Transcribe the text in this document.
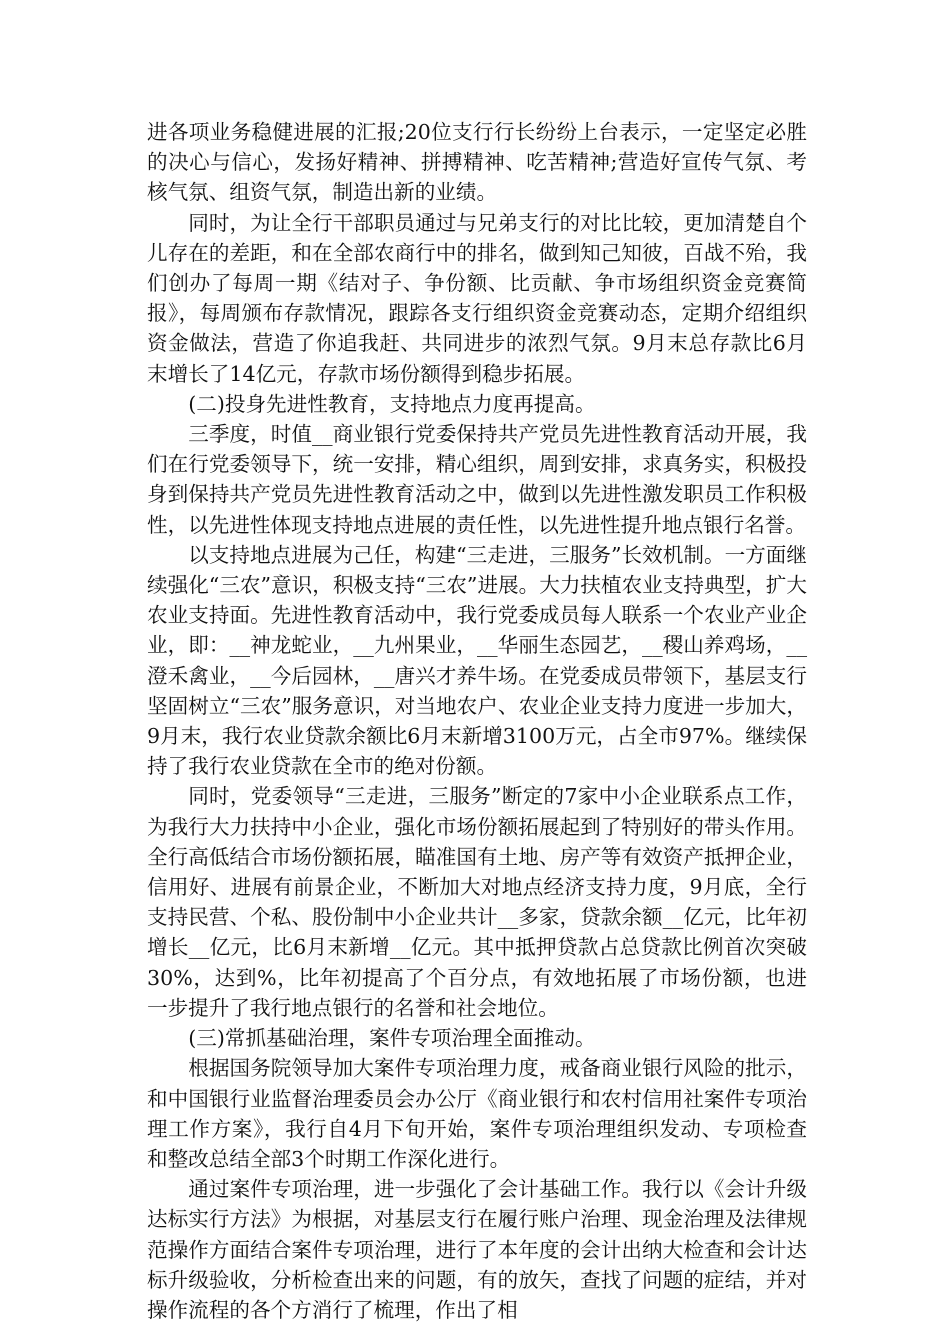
进各项业务稳健进展的汇报;20位支行行长纷纷上台表示，一定坚定必胜的决心与信心，发扬好精神、拼搏精神、吃苦精神;营造好宣传气氛、考核气氛、组资气氛，制造出新的业绩。

同时，为让全行干部职员通过与兄弟支行的对比比较，更加清楚自个儿存在的差距，和在全部农商行中的排名，做到知己知彼，百战不殆，我们创办了每周一期《结对子、争份额、比贡献、争市场组织资金竞赛简报》，每周颁布存款情况，跟踪各支行组织资金竞赛动态，定期介绍组织资金做法，营造了你追我赶、共同进步的浓烈气氛。9月末总存款比6月末增长了14亿元，存款市场份额得到稳步拓展。

(二)投身先进性教育，支持地点力度再提高。

三季度，时值__商业银行党委保持共产党员先进性教育活动开展，我们在行党委领导下，统一安排，精心组织，周到安排，求真务实，积极投身到保持共产党员先进性教育活动之中，做到以先进性激发职员工作积极性，以先进性体现支持地点进展的责任性，以先进性提升地点银行名誉。

以支持地点进展为己任，构建“三走进，三服务”长效机制。一方面继续强化“三农”意识，积极支持“三农”进展。大力扶植农业支持典型，扩大农业支持面。先进性教育活动中，我行党委成员每人联系一个农业产业企业，即：__神龙蛇业，__九州果业，__华丽生态园艺，__稷山养鸡场，__澄禾禽业，__今后园林，__唐兴才养牛场。在党委成员带领下，基层支行坚固树立“三农”服务意识，对当地农户、农业企业支持力度进一步加大，9月末，我行农业贷款余额比6月末新增3100万元，占全市97%。继续保持了我行农业贷款在全市的绝对份额。

同时，党委领导“三走进，三服务”断定的7家中小企业联系点工作，为我行大力扶持中小企业，强化市场份额拓展起到了特别好的带头作用。全行高低结合市场份额拓展，瞄准国有土地、房产等有效资产抵押企业，信用好、进展有前景企业，不断加大对地点经济支持力度，9月底，全行支持民营、个私、股份制中小企业共计__多家，贷款余额__亿元，比年初增长__亿元，比6月末新增__亿元。其中抵押贷款占总贷款比例首次突破30%，达到%，比年初提高了个百分点，有效地拓展了市场份额，也进一步提升了我行地点银行的名誉和社会地位。

(三)常抓基础治理，案件专项治理全面推动。

根据国务院领导加大案件专项治理力度，戒备商业银行风险的批示，和中国银行业监督治理委员会办公厅《商业银行和农村信用社案件专项治理工作方案》，我行自4月下旬开始，案件专项治理组织发动、专项检查和整改总结全部3个时期工作深化进行。

通过案件专项治理，进一步强化了会计基础工作。我行以《会计升级达标实行方法》为根据，对基层支行在履行账户治理、现金治理及法律规范操作方面结合案件专项治理，进行了本年度的会计出纳大检查和会计达标升级验收，分析检查出来的问题，有的放矢，查找了问题的症结，并对操作流程的各个方消行了梳理，作出了相
